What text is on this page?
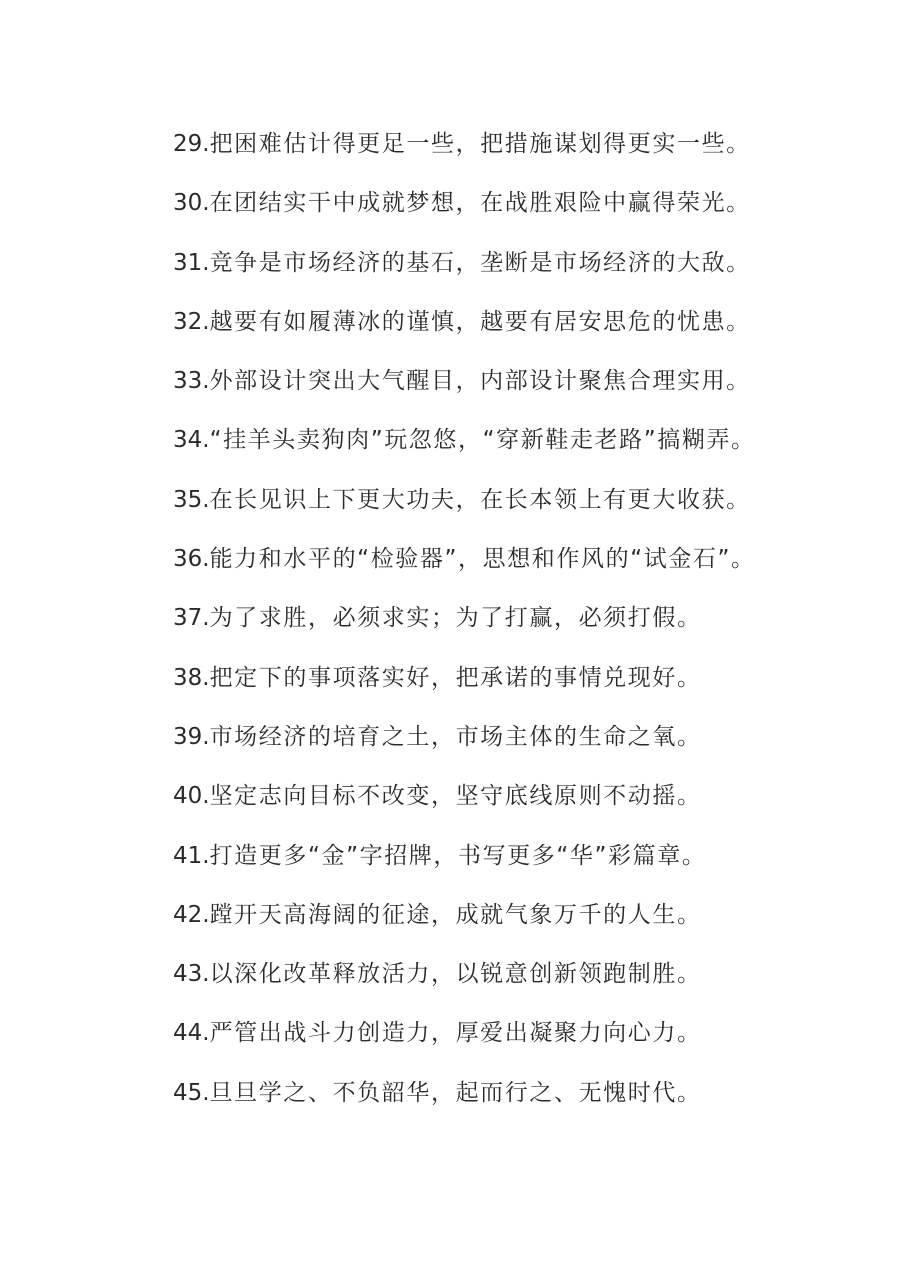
29.把困难估计得更足一些，把措施谋划得更实一些。
30.在团结实干中成就梦想，在战胜艰险中赢得荣光。
31.竞争是市场经济的基石，垄断是市场经济的大敌。
32.越要有如履薄冰的谨慎，越要有居安思危的忧患。
33.外部设计突出大气醒目，内部设计聚焦合理实用。
34.“挂羊头卖狗肉”玩忽悠，“穿新鞋走老路”搞糊弄。
35.在长见识上下更大功夫，在长本领上有更大收获。
36.能力和水平的“检验器”，思想和作风的“试金石”。
37.为了求胜，必须求实；为了打赢，必须打假。
38.把定下的事项落实好，把承诺的事情兑现好。
39.市场经济的培育之土，市场主体的生命之氧。
40.坚定志向目标不改变，坚守底线原则不动摇。
41.打造更多“金”字招牌，书写更多“华”彩篇章。
42.蹚开天高海阔的征途，成就气象万千的人生。
43.以深化改革释放活力，以锐意创新领跑制胜。
44.严管出战斗力创造力，厚爱出凝聚力向心力。
45.旦旦学之、不负韶华，起而行之、无愧时代。
